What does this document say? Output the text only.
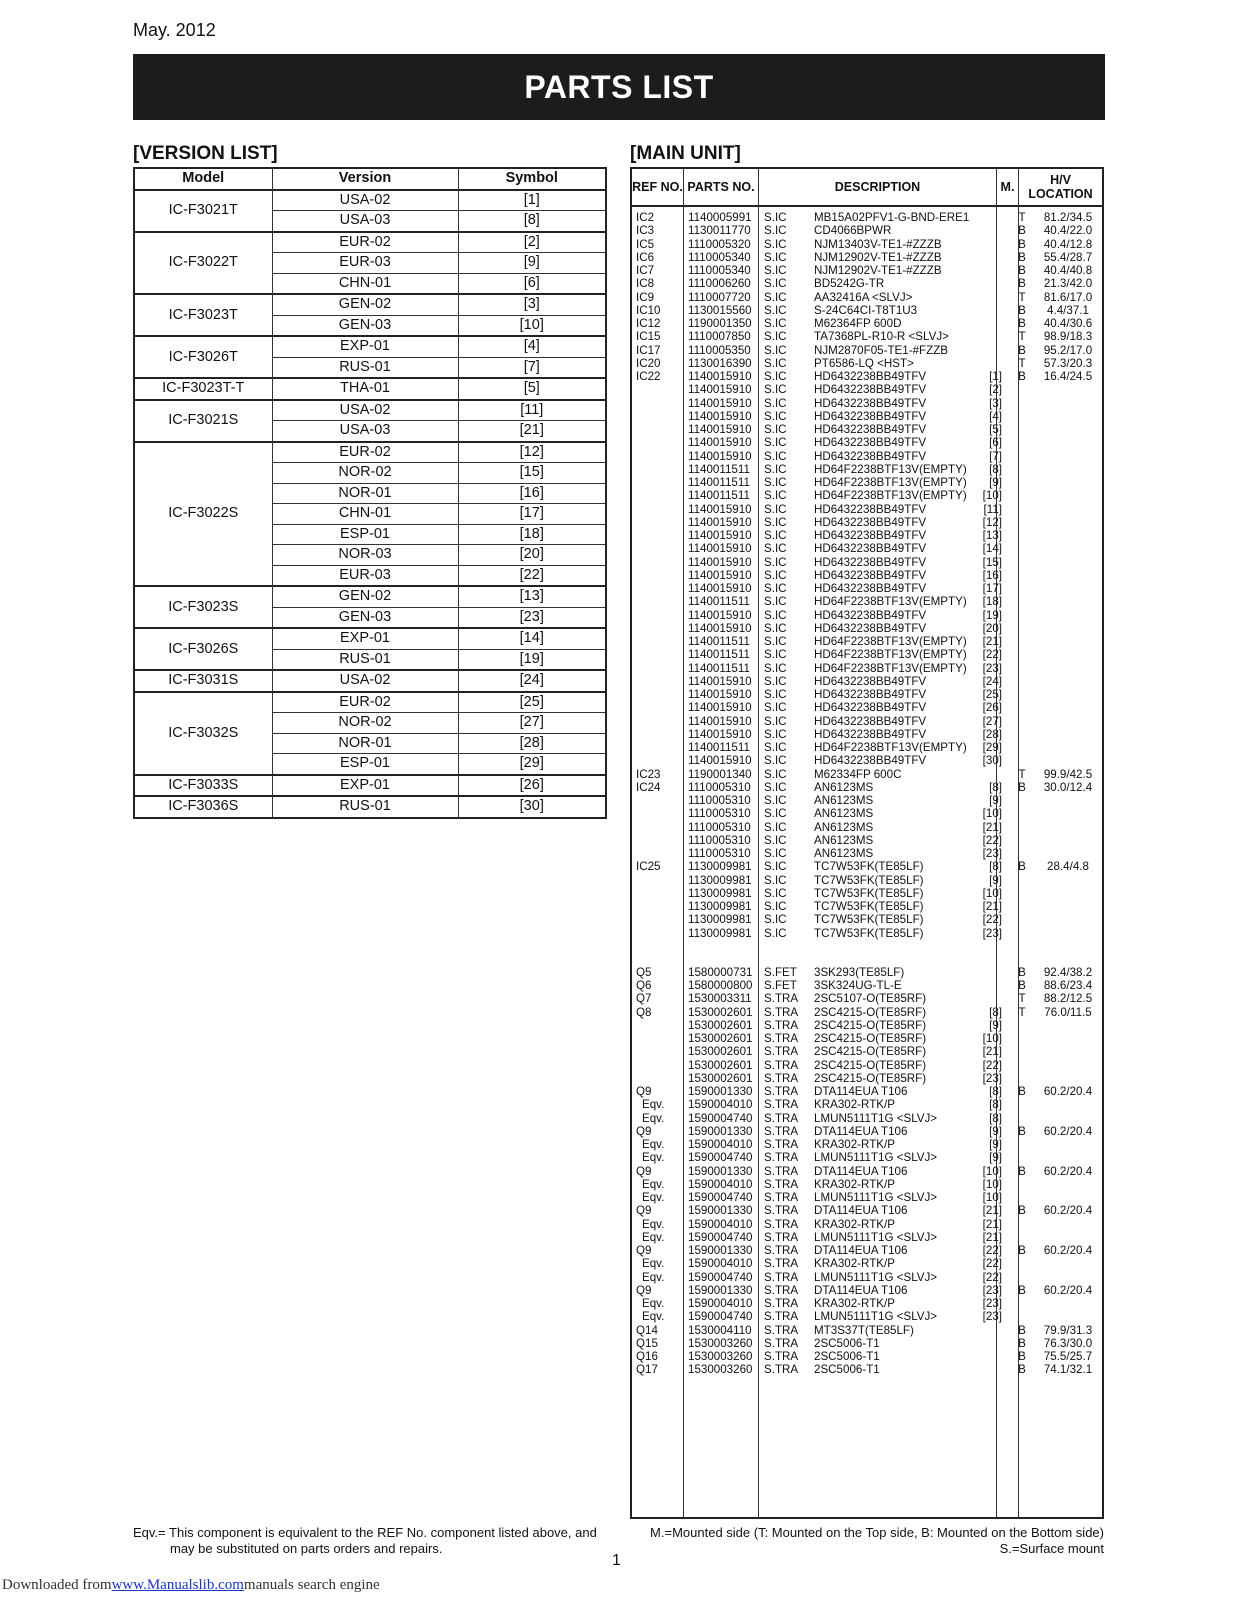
May. 2012
PARTS LIST
[VERSION LIST]
Model	Version	Symbol
IC-F3021T	USA-02	[1]
	USA-03	[8]
IC-F3022T	EUR-02	[2]
	EUR-03	[9]
	CHN-01	[6]
IC-F3023T	GEN-02	[3]
	GEN-03	[10]
IC-F3026T	EXP-01	[4]
	RUS-01	[7]
IC-F3023T-T	THA-01	[5]
IC-F3021S	USA-02	[11]
	USA-03	[21]
IC-F3022S	EUR-02	[12]
	NOR-02	[15]
	NOR-01	[16]
	CHN-01	[17]
	ESP-01	[18]
	NOR-03	[20]
	EUR-03	[22]
IC-F3023S	GEN-02	[13]
	GEN-03	[23]
IC-F3026S	EXP-01	[14]
	RUS-01	[19]
IC-F3031S	USA-02	[24]
IC-F3032S	EUR-02	[25]
	NOR-02	[27]
	NOR-01	[28]
	ESP-01	[29]
IC-F3033S	EXP-01	[26]
IC-F3036S	RUS-01	[30]
[MAIN UNIT]
REF NO. PARTS NO.	DESCRIPTION	M.	H/V LOCATION
IC2	1140005991 S.IC MB15A02PFV1-G-BND-ERE1	T	81.2/34.5
IC3	1130011770 S.IC CD4066BPWR	B	40.4/22.0
IC5	1110005320 S.IC NJM13403V-TE1-#ZZZB	B	40.4/12.8
IC6	1110005340 S.IC NJM12902V-TE1-#ZZZB	B	55.4/28.7
IC7	1110005340 S.IC NJM12902V-TE1-#ZZZB	B	40.4/40.8
IC8	1110006260 S.IC BD5242G-TR	B	21.3/42.0
IC9	1110007720 S.IC AA32416A <SLVJ>	T	81.6/17.0
IC10 1130015560 S.IC S-24C64CI-T8T1U3	B	4.4/37.1
IC12 1190001350 S.IC M62364FP 600D	B	40.4/30.6
IC15 1110007850 S.IC TA7368PL-R10-R <SLVJ>	T	98.9/18.3
IC17 1110005350 S.IC NJM2870F05-TE1-#FZZB	B	95.2/17.0
IC20 1130016390 S.IC PT6586-LQ <HST>	T	57.3/20.3
IC22 1140015910 S.IC HD6432238BB49TFV	[1]	B	16.4/24.5
1140015910 S.IC HD6432238BB49TFV	[2]
1140015910 S.IC HD6432238BB49TFV	[3]
1140015910 S.IC HD6432238BB49TFV	[4]
1140015910 S.IC HD6432238BB49TFV	[5]
1140015910 S.IC HD6432238BB49TFV	[6]
1140015910 S.IC HD6432238BB49TFV	[7]
1140011511 S.IC HD64F2238BTF13V(EMPTY) [8]
1140011511 S.IC HD64F2238BTF13V(EMPTY) [9]
1140011511 S.IC HD64F2238BTF13V(EMPTY) [10]
1140015910 S.IC HD6432238BB49TFV	[11]
1140015910 S.IC HD6432238BB49TFV	[12]
1140015910 S.IC HD6432238BB49TFV	[13]
1140015910 S.IC HD6432238BB49TFV	[14]
1140015910 S.IC HD6432238BB49TFV	[15]
1140015910 S.IC HD6432238BB49TFV	[16]
1140015910 S.IC HD6432238BB49TFV	[17]
1140011511 S.IC HD64F2238BTF13V(EMPTY) [18]
1140015910 S.IC HD6432238BB49TFV	[19]
1140015910 S.IC HD6432238BB49TFV	[20]
1140011511 S.IC HD64F2238BTF13V(EMPTY) [21]
1140011511 S.IC HD64F2238BTF13V(EMPTY) [22]
1140011511 S.IC HD64F2238BTF13V(EMPTY) [23]
1140015910 S.IC HD6432238BB49TFV	[24]
1140015910 S.IC HD6432238BB49TFV	[25]
1140015910 S.IC HD6432238BB49TFV	[26]
1140015910 S.IC HD6432238BB49TFV	[27]
1140015910 S.IC HD6432238BB49TFV	[28]
1140011511 S.IC HD64F2238BTF13V(EMPTY) [29]
1140015910 S.IC HD6432238BB49TFV	[30]
IC23 1190001340 S.IC M62334FP 600C	T	99.9/42.5
IC24 1110005310 S.IC AN6123MS	[8]	B	30.0/12.4
1110005310 S.IC AN6123MS	[9]
1110005310 S.IC AN6123MS	[10]
1110005310 S.IC AN6123MS	[21]
1110005310 S.IC AN6123MS	[22]
1110005310 S.IC AN6123MS	[23]
IC25 1130009981 S.IC TC7W53FK(TE85LF)	[8]	B	28.4/4.8
1130009981 S.IC TC7W53FK(TE85LF)	[9]
1130009981 S.IC TC7W53FK(TE85LF)	[10]
1130009981 S.IC TC7W53FK(TE85LF)	[21]
1130009981 S.IC TC7W53FK(TE85LF)	[22]
1130009981 S.IC TC7W53FK(TE85LF)	[23]
Q5	1580000731 S.FET 3SK293(TE85LF)	B	92.4/38.2
Q6	1580000800 S.FET 3SK324UG-TL-E	B	88.6/23.4
Q7	1530003311 S.TRA 2SC5107-O(TE85RF)	T	88.2/12.5
Q8	1530002601 S.TRA 2SC4215-O(TE85RF)	[8]	T	76.0/11.5
1530002601 S.TRA 2SC4215-O(TE85RF)	[9]
1530002601 S.TRA 2SC4215-O(TE85RF)	[10]
1530002601 S.TRA 2SC4215-O(TE85RF)	[21]
1530002601 S.TRA 2SC4215-O(TE85RF)	[22]
1530002601 S.TRA 2SC4215-O(TE85RF)	[23]
Q9	1590001330 S.TRA DTA114EUA T106	[8]	B	60.2/20.4
Eqv. 1590004010 S.TRA KRA302-RTK/P	[8]
Eqv. 1590004740 S.TRA LMUN5111T1G <SLVJ>	[8]
Q9	1590001330 S.TRA DTA114EUA T106	[9]	B	60.2/20.4
Eqv. 1590004010 S.TRA KRA302-RTK/P	[9]
Eqv. 1590004740 S.TRA LMUN5111T1G <SLVJ>	[9]
Q9	1590001330 S.TRA DTA114EUA T106	[10]	B	60.2/20.4
Eqv. 1590004010 S.TRA KRA302-RTK/P	[10]
Eqv. 1590004740 S.TRA LMUN5111T1G <SLVJ>	[10]
Q9	1590001330 S.TRA DTA114EUA T106	[21]	B	60.2/20.4
Eqv. 1590004010 S.TRA KRA302-RTK/P	[21]
Eqv. 1590004740 S.TRA LMUN5111T1G <SLVJ>	[21]
Q9	1590001330 S.TRA DTA114EUA T106	[22]	B	60.2/20.4
Eqv. 1590004010 S.TRA KRA302-RTK/P	[22]
Eqv. 1590004740 S.TRA LMUN5111T1G <SLVJ>	[22]
Q9	1590001330 S.TRA DTA114EUA T106	[23]	B	60.2/20.4
Eqv. 1590004010 S.TRA KRA302-RTK/P	[23]
Eqv. 1590004740 S.TRA LMUN5111T1G <SLVJ>	[23]
Q14	1530004110 S.TRA MT3S37T(TE85LF)	B	79.9/31.3
Q15	1530003260 S.TRA 2SC5006-T1	B	76.3/30.0
Q16	1530003260 S.TRA 2SC5006-T1	B	75.5/25.7
Q17	1530003260 S.TRA 2SC5006-T1	B	74.1/32.1
Eqv.= This component is equivalent to the REF No. component listed above, and
may be substituted on parts orders and repairs.
M.=Mounted side (T: Mounted on the Top side, B: Mounted on the Bottom side)
S.=Surface mount
1
Downloaded fromwww.Manualslib.commanuals search engine
